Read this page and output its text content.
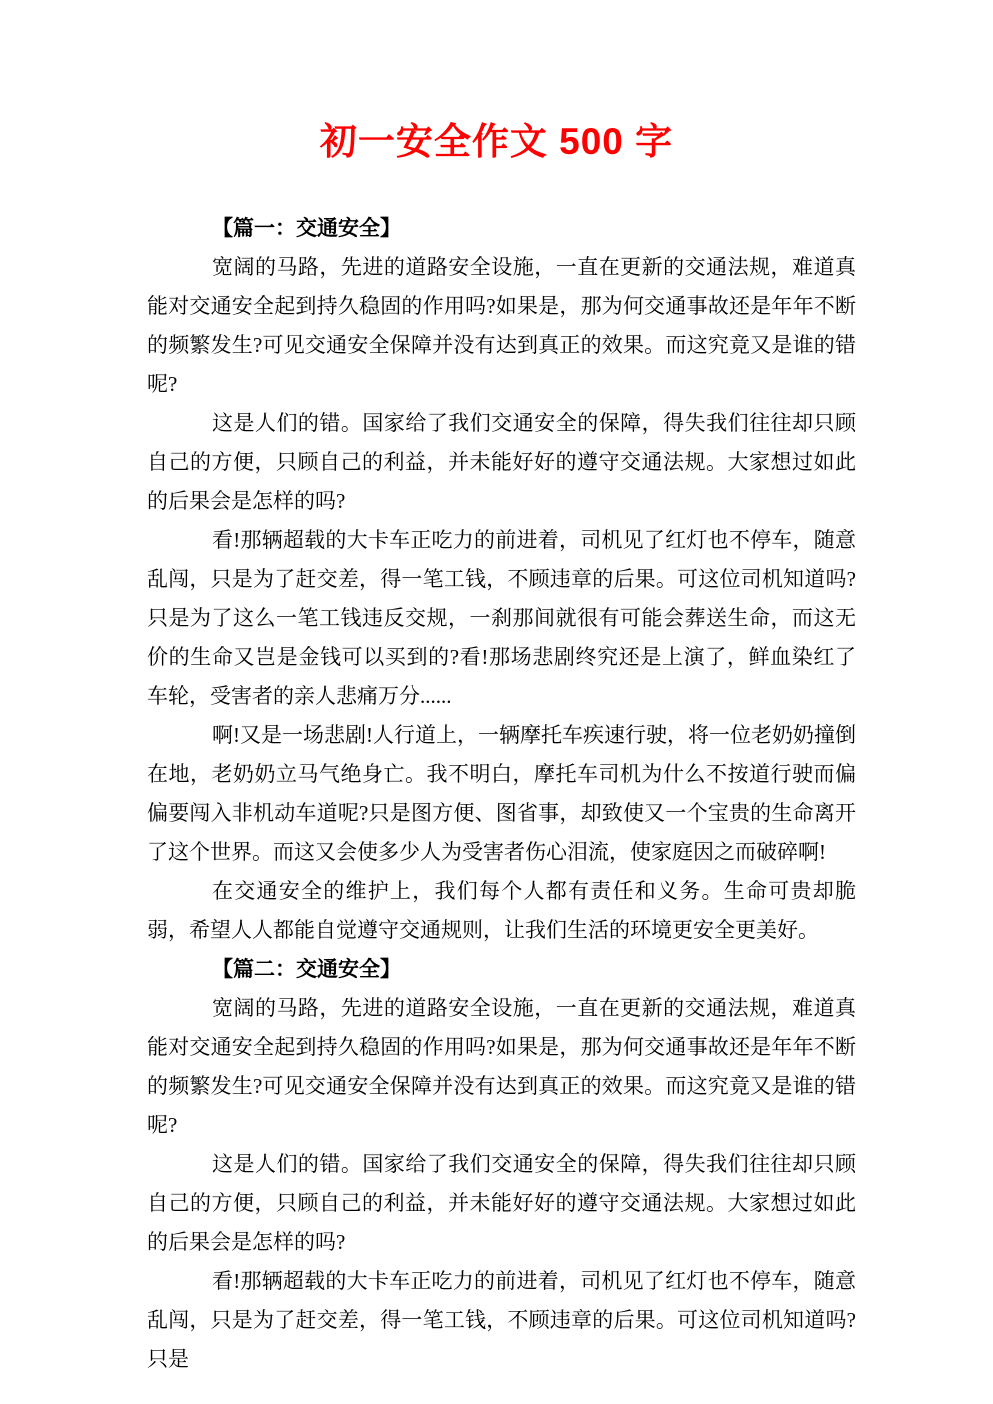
初一安全作文 500 字

【篇一：交通安全】

宽阔的马路，先进的道路安全设施，一直在更新的交通法规，难道真能对交通安全起到持久稳固的作用吗?如果是，那为何交通事故还是年年不断的频繁发生?可见交通安全保障并没有达到真正的效果。而这究竟又是谁的错呢?

这是人们的错。国家给了我们交通安全的保障，得失我们往往却只顾自己的方便，只顾自己的利益，并未能好好的遵守交通法规。大家想过如此的后果会是怎样的吗?

看!那辆超载的大卡车正吃力的前进着，司机见了红灯也不停车，随意乱闯，只是为了赶交差，得一笔工钱，不顾违章的后果。可这位司机知道吗?只是为了这么一笔工钱违反交规，一刹那间就很有可能会葬送生命，而这无价的生命又岂是金钱可以买到的?看!那场悲剧终究还是上演了，鲜血染红了车轮，受害者的亲人悲痛万分......

啊!又是一场悲剧!人行道上，一辆摩托车疾速行驶，将一位老奶奶撞倒在地，老奶奶立马气绝身亡。我不明白，摩托车司机为什么不按道行驶而偏偏要闯入非机动车道呢?只是图方便、图省事，却致使又一个宝贵的生命离开了这个世界。而这又会使多少人为受害者伤心泪流，使家庭因之而破碎啊!

在交通安全的维护上，我们每个人都有责任和义务。生命可贵却脆弱，希望人人都能自觉遵守交通规则，让我们生活的环境更安全更美好。

【篇二：交通安全】

宽阔的马路，先进的道路安全设施，一直在更新的交通法规，难道真能对交通安全起到持久稳固的作用吗?如果是，那为何交通事故还是年年不断的频繁发生?可见交通安全保障并没有达到真正的效果。而这究竟又是谁的错呢?

这是人们的错。国家给了我们交通安全的保障，得失我们往往却只顾自己的方便，只顾自己的利益，并未能好好的遵守交通法规。大家想过如此的后果会是怎样的吗?

看!那辆超载的大卡车正吃力的前进着，司机见了红灯也不停车，随意乱闯，只是为了赶交差，得一笔工钱，不顾违章的后果。可这位司机知道吗?只是
